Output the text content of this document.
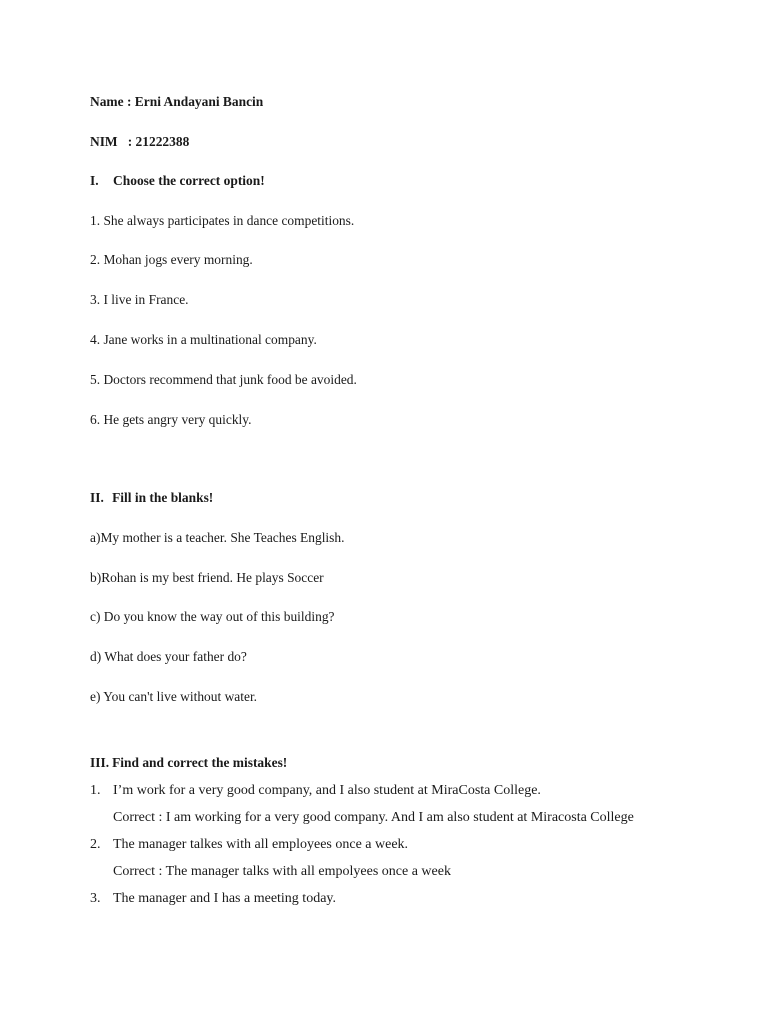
Name : Erni Andayani Bancin
NIM   : 21222388
I. Choose the correct option!
1. She always participates in dance competitions.
2. Mohan jogs every morning.
3. I live in France.
4. Jane works in a multinational company.
5. Doctors recommend that junk food be avoided.
6. He gets angry very quickly.
II. Fill in the blanks!
a)My mother is a teacher. She Teaches English.
b)Rohan is my best friend. He plays Soccer
c) Do you know the way out of this building?
d) What does your father do?
e) You can't live without water.
III. Find and correct the mistakes!
1. I’m work for a very good company, and I also student at MiraCosta College.
Correct : I am working for a very good company. And I am also student at Miracosta College
2. The manager talkes with all employees once a week.
Correct : The manager talks with all empolyees once a week
3. The manager and I has a meeting today.
